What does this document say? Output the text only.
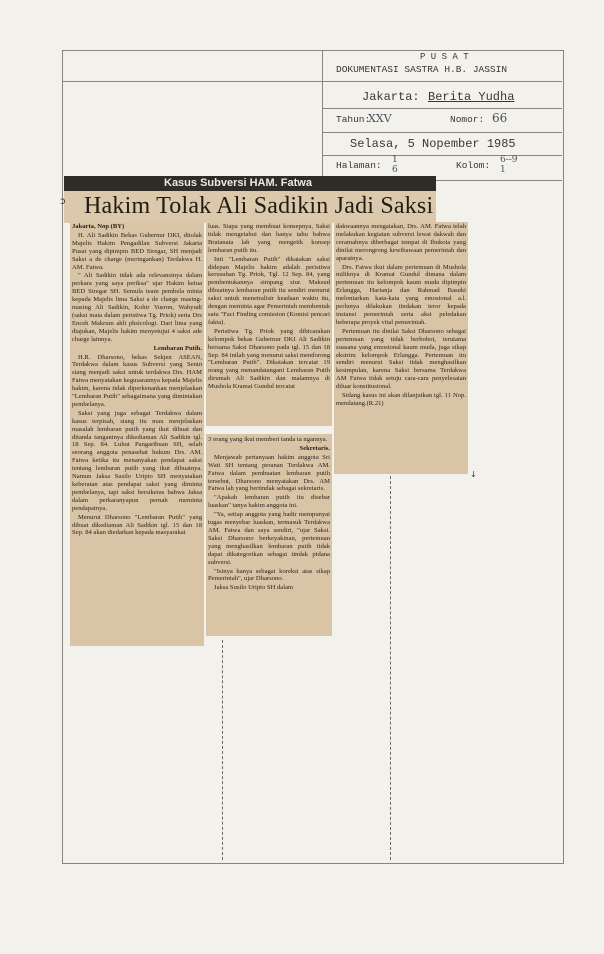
P U S A T
DOKUMENTASI SASTRA H.B. JASSIN
Jakarta: Berita Yudha
Tahun:
XXV	Nomor: 66
Selasa, 5 Nopember 1985
Halaman: 1
6	Kolom: 6--9
1
Kasus Subversi HAM. Fatwa
Hakim Tolak Ali Sadikin Jadi Saksi

Jakarta, Nop (BY)

H. Ali Sadikin Bekas Gubernur DKI, ditolak Majelis Hakim Pengadilan Subversi Jakarta Pusat yang dipimpin BED Siregar, SH menjadi Saksi a de charge (meringankan) Terdakwa H. AM. Fatwa.

" Ali Sadikin tidak ada relevansinya dalam perkara yang saya periksa" ujar Hakim ketua BED Siregar SH. Semula team pembela minta kepada Majelis lima Saksi a de charge masing-masing Ali Sadikin, Kohir Yusron, Wahyudi (saksi mata dalam peristiwa Tg. Priok) serta Drs Enceh Makrum ahli phsicologi. Dari lima yang diajukan, Majelis hakim menyetujui 4 saksi ade charge lainnya.

Lembaran Putih.

H.R. Dharsono, bekas Sekjen ASEAN, Terdakwa dalam kasus Subversi yang Senin siang menjadi saksi untuk terdakwa Drs. HAM Fatwa menyatakan kegusarannya kepada Majelis hakim, karena tidak diperkenankan menjelaskan "Lembaran Putih" sebagaimana yang dimintakan pembelanya.

Saksi yang juga sebagai Terdakwa dalam kasus terpisah, siang itu mau menjelaskan masalah lembaran putih yang ikut dibuat dan ditanda tanganinya dikediaman Ali Sadikin tgl. 18 Sep. 84. Luhut Pangaribuan SH, selah seorang anggota penasehat hukum Drs. AM. Fatwa ketika itu menanyakan pendapat saksi tentang lembaran putih yang ikut dibuatnya. Namun Jaksa Susilo Uripto SH menyatakan keberatan atas pendapat saksi yang diminta pembelanya, tapi saksi bersikeras bahwa Jaksa dalam perkaranyapun pernah meminta pendapatnya.

Menurut Dharsono "Lembaran Putih" yang dibuat dikediaman Ali Sadikin tgl. 15 dan 18 Sep. 84 akan diedarkan kepada masyarakat

luas. Siapa yang membuat konsepnya, Saksi tidak mengetahui dan hanya tahu bahwa Bratanata lah yang mengetik konsep lembaran putih itu.

Inti "Lembaran Putih" dikatakan saksi didepan Majelis hakim adalah peristiwa kerusuhan Tg. Priok, Tgl. 12 Sep. 84, yang pembentukannya simpang siur. Maksud dibuatnya lembaran putih itu sendiri menurut saksi untuk menetralisir keadaan waktu itu, dengan meminta agar Pemerintah membentuk satu "Fact Finding comission (Komisi pencari fakta).

Peristiwa Tg. Priok yang dibicarakan kelompok bekas Gubernur DKI Ali Sadikin bersama Saksi Dharsono pada tgl. 15 dan 18 Sep. 84 inilah yang menurut saksi mendorong "Lembaran Putih". Dikatakan tercatat 19 orang yang menandatangani Lembaran Putih dirumah Ali Sadikin dan malamnya di Mushola Kramat Gundul tercatat

3 orang yang ikut memberi tanda ta ngannya.

Sekretaris.

Menjawab pertanyaan hakim anggota Sri Wati SH tentang peranan Terdakwa AM. Fatwa dalam pembuatan lembaran putih tersebut, Dharsono menyatakan Drs. AM Fatwa lah yang bertindak sebagai sekretaris.

"Apakah lembaran putih itu disebar luaskan" tanya hakim anggota ini.

"Ya, setiap anggota yang hadir mempunyai tugas menyebar luaskan, termasuk Terdakwa AM. Fatwa dan saya sendiri, "ujar Saksi. Saksi Dharsono berkeyakinan, pertemuan yang menghasilkan lembaran putih tidak dapat dikategorikan sebagai tindak pidana subversi.

"Isinya hanya sebagai koreksi atas sikap Pemerintah", ujar Dharsono.

Jaksa Susilo Uripto SH dalam

dakwaannya mengatakan, Drs. AM. Fatwa telah melakukan kegiatan subversi lewat dakwah dan ceramahnya diberbagai tempat di Ibukota yang dinilai merongrong kewibawaan pemerintah dan aparatnya.

Drs. Fatwa ikut dalam pertemuan di Mushola miliknya di Kramat Gundul dimana dalam pertemuan itu kelompok kaum muda dipimpin Erlangga, Harianja dan Rahmad Basuki melontarkan kata-kata yang emosional a.l. perlunya dilakukan tindakan teror kepada instansi pemerintah serta aksi peledakan beberapa proyek vital pemerintah.

Pertemuan itu dinilai Saksi Dharsono sebagai pertemuan yang tidak berbobot, terutama suasana yang emosional kaum muda, juga sikap ekstrim kelompok Erlangga. Pertemuan itu sendiri menurut Saksi tidak menghasilkan kesimpulan, karena Saksi bersama Terdakwa AM Fatwa tidak setuju cara-cara penyelesaian diluar konstitusional.

Sidang kasus ini akan dilanjutkan tgl. 11 Nop. mendatang.(R.21)

ɔ
↓
